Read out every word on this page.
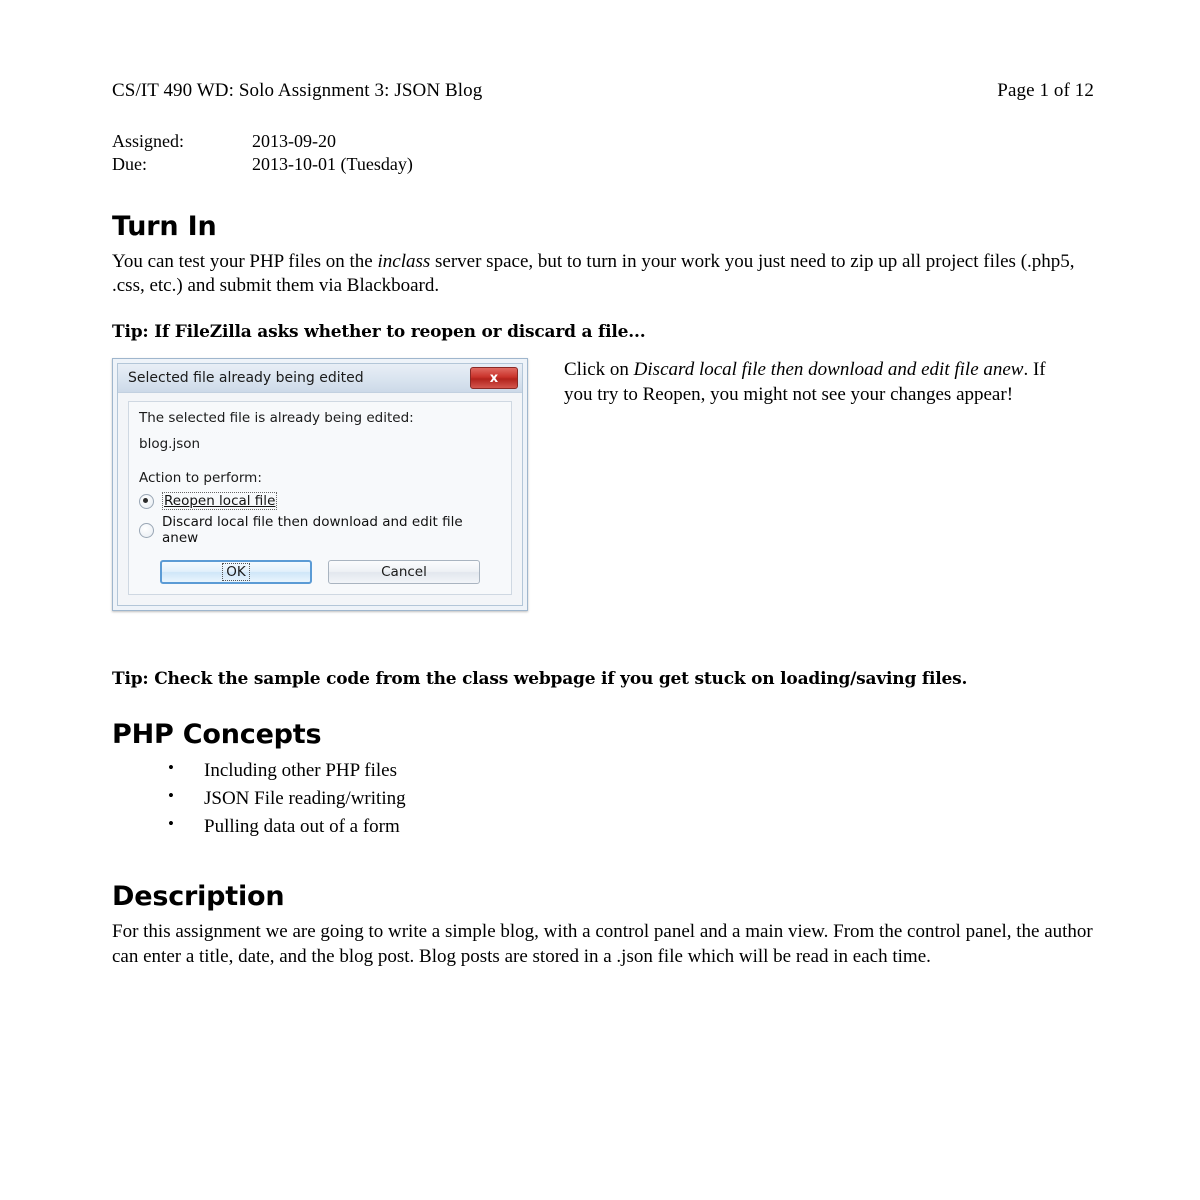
CS/IT 490 WD: Solo Assignment 3: JSON Blog	Page 1 of 12
Assigned:	2013-09-20
Due:	2013-10-01 (Tuesday)
Turn In

You can test your PHP files on the inclass server space, but to turn in your work you just need to zip up all project files (.php5, .css, etc.) and submit them via Blackboard.

Tip: If FileZilla asks whether to reopen or discard a file...
Selected file already being edited	x
The selected file is already being edited:
blog.json
Action to perform:
Reopen local file
Discard local file then download and edit file anew
OK	Cancel
Click on Discard local file then download and edit file anew. If you try to Reopen, you might not see your changes appear!
Tip: Check the sample code from the class webpage if you get stuck on loading/saving files.
PHP Concepts
• Including other PHP files
• JSON File reading/writing
• Pulling data out of a form
Description

For this assignment we are going to write a simple blog, with a control panel and a main view. From the control panel, the author can enter a title, date, and the blog post. Blog posts are stored in a .json file which will be read in each time.
